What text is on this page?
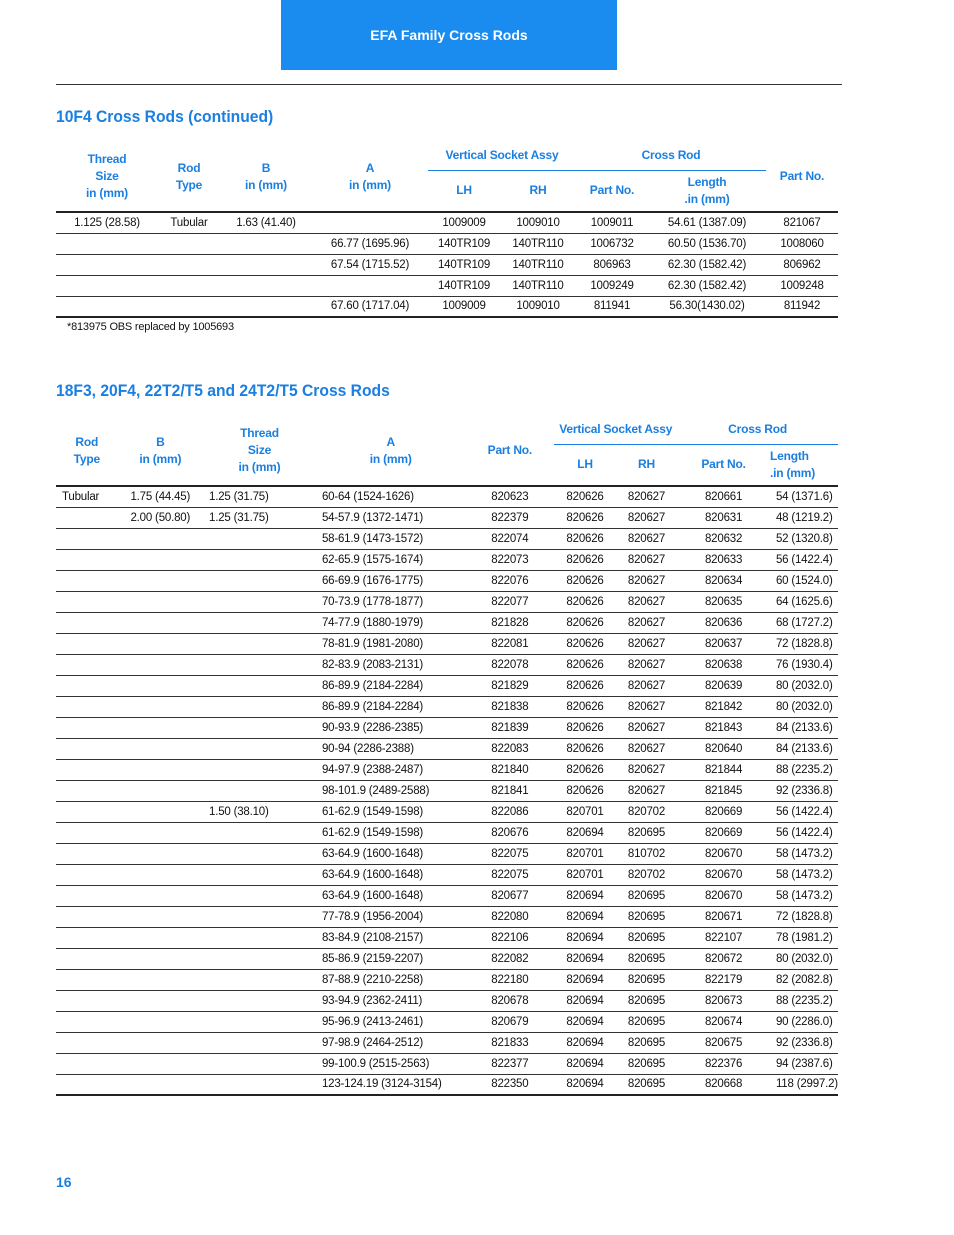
EFA Family Cross Rods
10F4 Cross Rods (continued)
Thread
Size
in (mm)	Rod
Type	B
in (mm)	A
in (mm)	Vertical Socket Assy		Cross Rod		Part No.
				LH	RH	Part No.	Length
.in (mm)	
1.125 (28.58)	Tubular	1.63 (41.40)		1009009	1009010	1009011	54.61 (1387.09)	821067
			66.77 (1695.96)	140TR109	140TR110	1006732	60.50 (1536.70)	1008060
			67.54 (1715.52)	140TR109	140TR110	806963	62.30 (1582.42)	806962
				140TR109	140TR110	1009249	62.30 (1582.42)	1009248
			67.60 (1717.04)	1009009	1009010	811941	56.30(1430.02)	811942
*813975 OBS replaced by 1005693
18F3, 20F4, 22T2/T5 and 24T2/T5 Cross Rods
Rod
Type	B
in (mm)	Thread
Size
in (mm)	A
in (mm)	Part No.	Vertical Socket Assy		Cross Rod	
					LH	RH	Part No.	Length
.in (mm)
Tubular	1.75 (44.45)	1.25 (31.75)	60-64 (1524-1626)	820623	820626	820627	820661	54 (1371.6)
	2.00 (50.80)	1.25 (31.75)	54-57.9 (1372-1471)	822379	820626	820627	820631	48 (1219.2)
			58-61.9 (1473-1572)	822074	820626	820627	820632	52 (1320.8)
			62-65.9 (1575-1674)	822073	820626	820627	820633	56 (1422.4)
			66-69.9 (1676-1775)	822076	820626	820627	820634	60 (1524.0)
			70-73.9 (1778-1877)	822077	820626	820627	820635	64 (1625.6)
			74-77.9 (1880-1979)	821828	820626	820627	820636	68 (1727.2)
			78-81.9 (1981-2080)	822081	820626	820627	820637	72 (1828.8)
			82-83.9 (2083-2131)	822078	820626	820627	820638	76 (1930.4)
			86-89.9 (2184-2284)	821829	820626	820627	820639	80 (2032.0)
			86-89.9 (2184-2284)	821838	820626	820627	821842	80 (2032.0)
			90-93.9 (2286-2385)	821839	820626	820627	821843	84 (2133.6)
			90-94 (2286-2388)	822083	820626	820627	820640	84 (2133.6)
			94-97.9 (2388-2487)	821840	820626	820627	821844	88 (2235.2)
			98-101.9 (2489-2588)	821841	820626	820627	821845	92 (2336.8)
		1.50 (38.10)	61-62.9 (1549-1598)	822086	820701	820702	820669	56 (1422.4)
			61-62.9 (1549-1598)	820676	820694	820695	820669	56 (1422.4)
			63-64.9 (1600-1648)	822075	820701	810702	820670	58 (1473.2)
			63-64.9 (1600-1648)	822075	820701	820702	820670	58 (1473.2)
			63-64.9 (1600-1648)	820677	820694	820695	820670	58 (1473.2)
			77-78.9 (1956-2004)	822080	820694	820695	820671	72 (1828.8)
			83-84.9 (2108-2157)	822106	820694	820695	822107	78 (1981.2)
			85-86.9 (2159-2207)	822082	820694	820695	820672	80 (2032.0)
			87-88.9 (2210-2258)	822180	820694	820695	822179	82 (2082.8)
			93-94.9 (2362-2411)	820678	820694	820695	820673	88 (2235.2)
			95-96.9 (2413-2461)	820679	820694	820695	820674	90 (2286.0)
			97-98.9 (2464-2512)	821833	820694	820695	820675	92 (2336.8)
			99-100.9 (2515-2563)	822377	820694	820695	822376	94 (2387.6)
			123-124.19 (3124-3154)	822350	820694	820695	820668	118 (2997.2)
16
